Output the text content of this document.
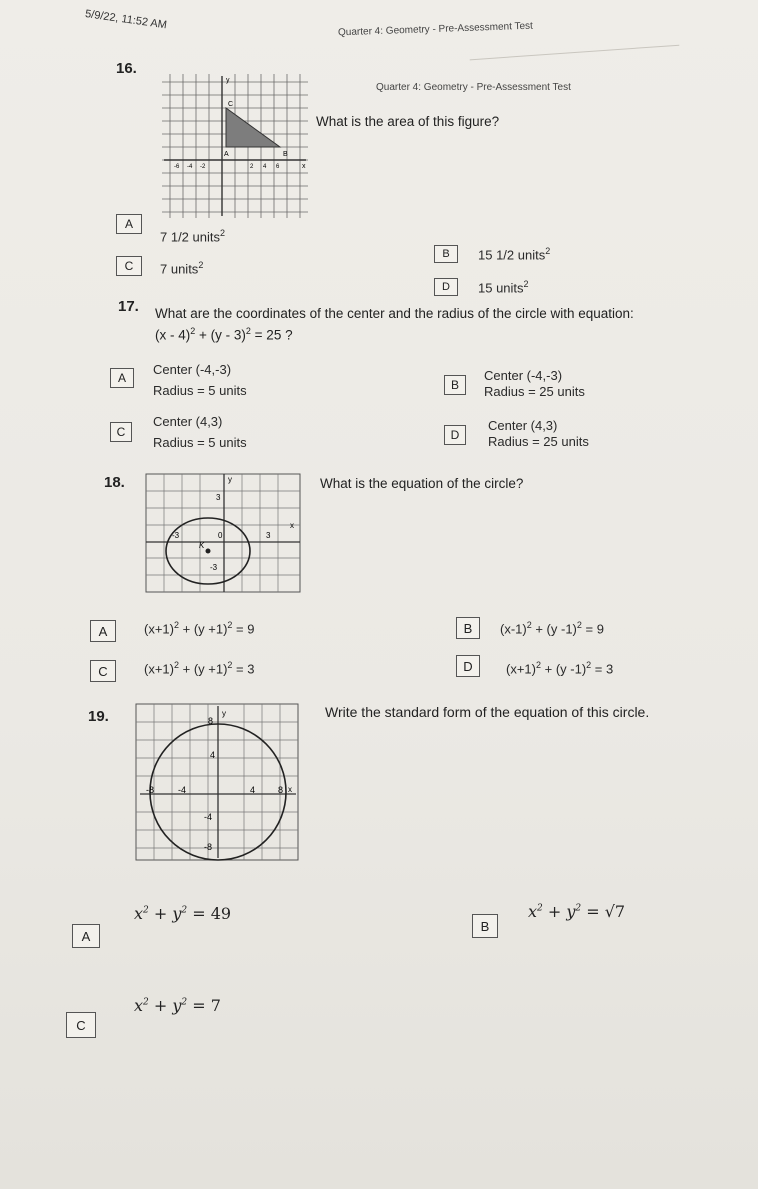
5/9/22, 11:52 AM	Quarter 4: Geometry - Pre-Assessment Test
16.
Quarter 4: Geometry - Pre-Assessment Test
What is the area of this figure?
C
A	B
y
x
-6 -4 -2	2 4 6
A
7 1/2 units$^2$
B	15 1/2 units$^2$
C	7 units$^2$
D	15 units$^2$
17. What are the coordinates of the center and the radius of the circle with equation:
(x - 4)$^2$ + (y - 3)$^2$ = 25 ?
A
Center (-4,-3)
Radius = 5 units	B
Center (-4,-3)
Radius = 25 units
C
Center (4,3)
Radius = 5 units	D
Center (4,3)
Radius = 25 units
18.	What is the equation of the circle?
y
x
3
-3	0	3
K
-3
A	$(x+1)^2 + (y +1)^2 = 9$	B	$(x-1)^2 + (y$ -1)$^2$ = 9
C	$(x+1)^2 + (y +1)^2 = 3$	D	$(x+1)^2 + (y$ -1)$^2$ = 3
19.	Write the standard form of the equation of this circle.
y
x
8
4
-4
-8
-8	-4	4	8
A
$x^2 + y^2 = 49$
B
$x^2 + y^2 = √7$
C
$x^2 + y^2 = 7$
